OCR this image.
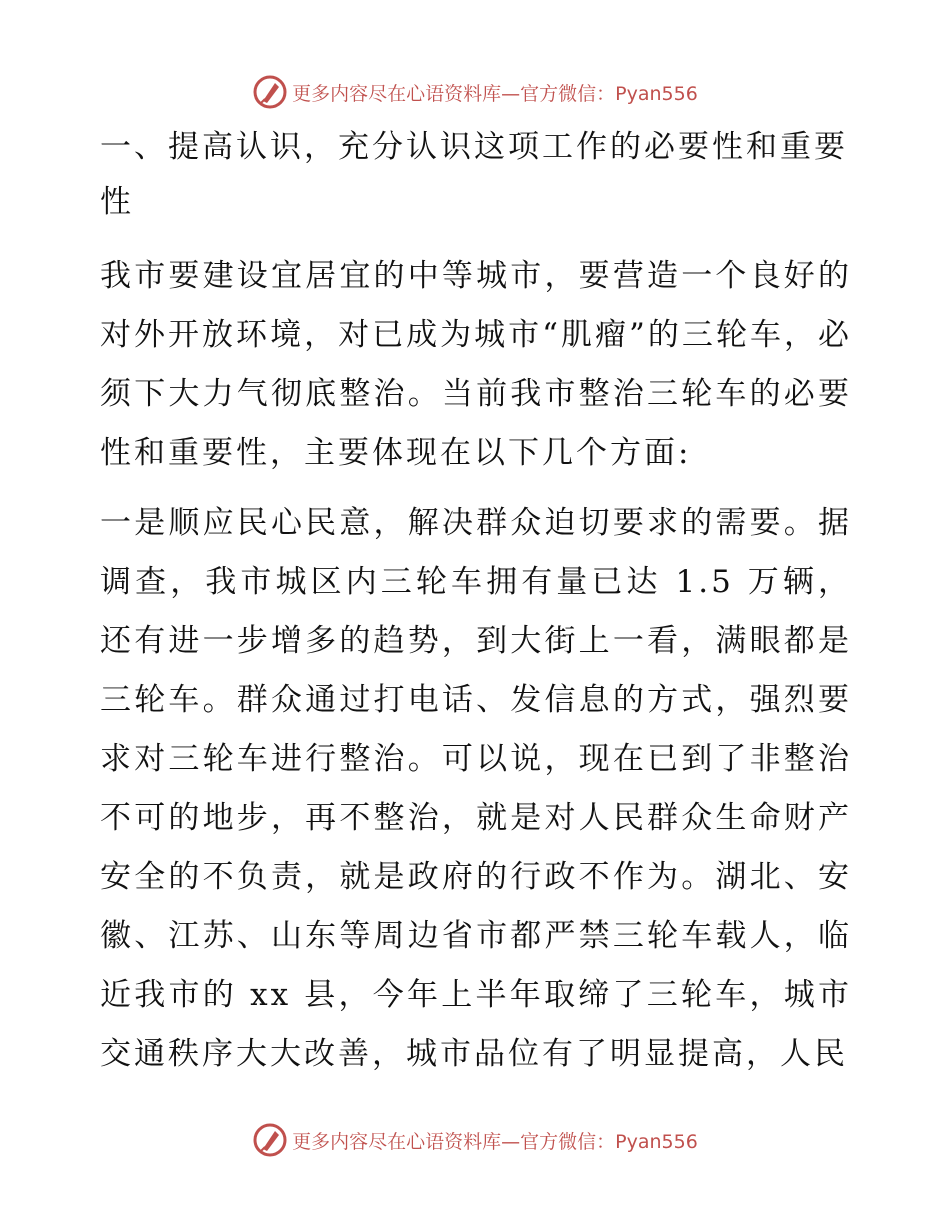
更多内容尽在心语资料库—官方微信：Pyan556
一、提高认识，充分认识这项工作的必要性和重要性
我市要建设宜居宜的中等城市，要营造一个良好的对外开放环境，对已成为城市“肌瘤”的三轮车，必须下大力气彻底整治。当前我市整治三轮车的必要性和重要性，主要体现在以下几个方面:
一是顺应民心民意，解决群众迫切要求的需要。据调查，我市城区内三轮车拥有量已达 1.5 万辆，还有进一步增多的趋势，到大街上一看，满眼都是三轮车。群众通过打电话、发信息的方式，强烈要求对三轮车进行整治。可以说，现在已到了非整治不可的地步，再不整治，就是对人民群众生命财产安全的不负责，就是政府的行政不作为。湖北、安徽、江苏、山东等周边省市都严禁三轮车载人，临近我市的 xx 县，今年上半年取缔了三轮车，城市交通秩序大大改善，城市品位有了明显提高，人民
更多内容尽在心语资料库—官方微信：Pyan556
